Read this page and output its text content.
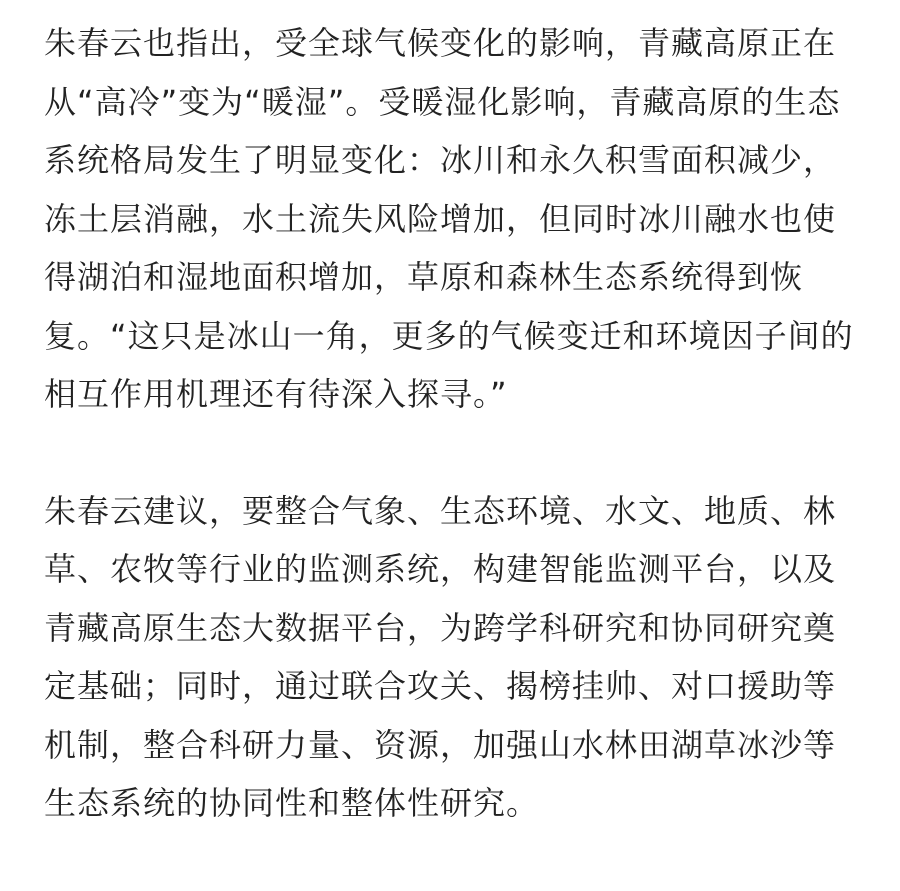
朱春云也指出，受全球气候变化的影响，青藏高原正在
从“高冷”变为“暖湿”。受暖湿化影响，青藏高原的生态
系统格局发生了明显变化：冰川和永久积雪面积减少，
冻土层消融，水土流失风险增加，但同时冰川融水也使
得湖泊和湿地面积增加，草原和森林生态系统得到恢
复。“这只是冰山一角，更多的气候变迁和环境因子间的
相互作用机理还有待深入探寻。”
朱春云建议，要整合气象、生态环境、水文、地质、林
草、农牧等行业的监测系统，构建智能监测平台，以及
青藏高原生态大数据平台，为跨学科研究和协同研究奠
定基础；同时，通过联合攻关、揭榜挂帅、对口援助等
机制，整合科研力量、资源，加强山水林田湖草冰沙等
生态系统的协同性和整体性研究。
